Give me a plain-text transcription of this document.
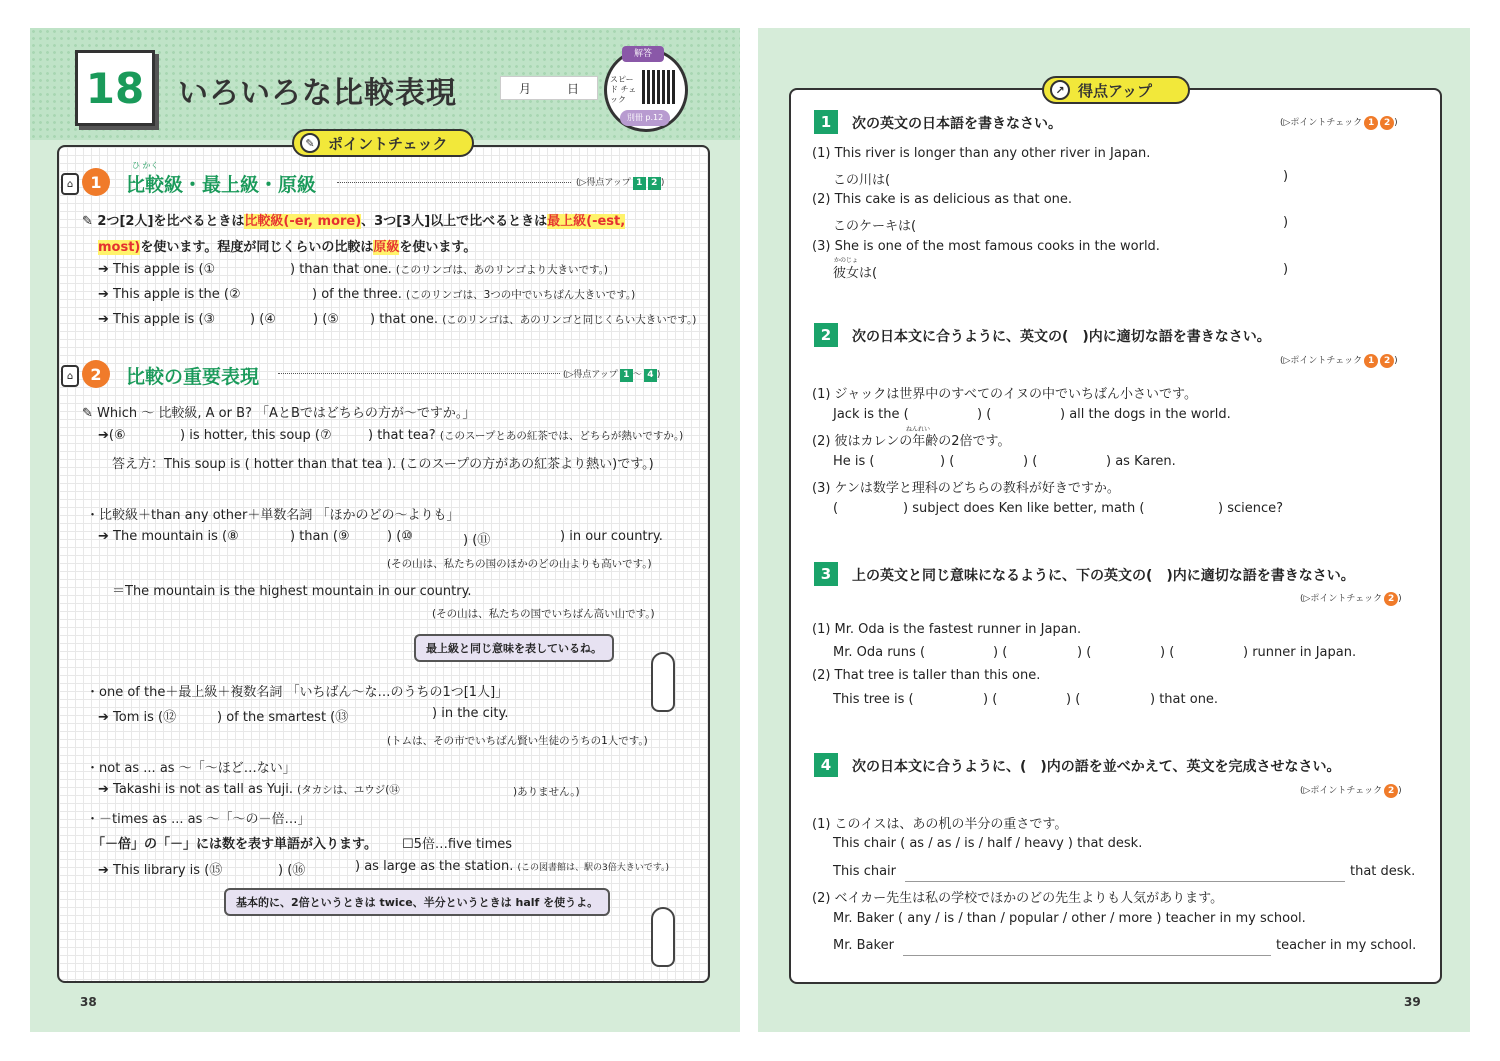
18	いろいろな比較表現	月	日
解答
スピード チェック
別冊 p.12
✎ ポイントチェック
⌂	1
ひ かく
比較級・最上級・原級	(▷得点アップ 1 2 )
✎ 2つ[2人]を比べるときは比較級(-er, more)、3つ[3人]以上で比べるときは最上級(-est,
most)を使います。程度が同じくらいの比較は原級を使います。
➔ This apple is (①	) than that one. (このリンゴは、あのリンゴより大きいです。)
➔ This apple is the (②	) of the three. (このリンゴは、3つの中でいちばん大きいです。)
➔ This apple is (③	) (④	) (⑤ ) that one. (このリンゴは、あのリンゴと同じくらい大きいです。)
⌂	2	比較の重要表現	(▷得点アップ 1 ～ 4 )
✎ Which ～ 比較級, A or B? 「AとBではどちらの方が～ですか。」
➔(⑥	) is hotter, this soup (⑦	) that tea? (このスープとあの紅茶では、どちらが熱いですか。)
答え方：This soup is ( hotter than that tea ). (このスープの方があの紅茶より熱い)です。)
・比較級＋than any other＋単数名詞 「ほかのどの～よりも」
➔ The mountain is (⑧	) than (⑨	) (⑩	) (⑪	) in our country.
(その山は、私たちの国のほかのどの山よりも高いです。)
＝The mountain is the highest mountain in our country.
(その山は、私たちの国でいちばん高い山です。)
最上級と同じ意味を表しているね。
・one of the＋最上級＋複数名詞 「いちばん～な…のうちの1つ[1人]」
➔ Tom is (⑫	) of the smartest (⑬	) in the city.
(トムは、その市でいちばん賢い生徒のうちの1人です。)
・not as ... as ～「～ほど…ない」
➔ Takashi is not as tall as Yuji. (タカシは、ユウジ(⑭	)ありません。)
・－times as ... as ～「～の－倍…」
「－倍」の「－」には数を表す単語が入ります。 ☐5倍…five times
➔ This library is (⑮	) (⑯	) as large as the station. (この図書館は、駅の3倍大きいです。)
基本的に、2倍というときは twice、半分というときは half を使うよ。
38
↗ 得点アップ
1	次の英文の日本語を書きなさい。	(▷ポイントチェック 1 2 )
(1) This river is longer than any other river in Japan.
この川は(	)
(2) This cake is as delicious as that one.
このケーキは(	)
(3) She is one of the most famous cooks in the world.
かのじょ
彼女は(	)
2	次の日本文に合うように、英文の(　)内に適切な語を書きなさい。
(▷ポイントチェック 1 2 )
(1) ジャックは世界中のすべてのイヌの中でいちばん小さいです。
Jack is the (	) (	) all the dogs in the world.
ねんれい
(2) 彼はカレンの年齢の2倍です。
He is (	) (	) (	) as Karen.
(3) ケンは数学と理科のどちらの教科が好きですか。
(	) subject does Ken like better, math (	) science?
3	上の英文と同じ意味になるように、下の英文の(　)内に適切な語を書きなさい。
(▷ポイントチェック 2 )
(1) Mr. Oda is the fastest runner in Japan.
Mr. Oda runs (	) (	) (	) (	) runner in Japan.
(2) That tree is taller than this one.
This tree is (	) (	) (	) that one.
4	次の日本文に合うように、(　)内の語を並べかえて、英文を完成させなさい。
(▷ポイントチェック 2 )
(1) このイスは、あの机の半分の重さです。
This chair ( as / as / is / half / heavy ) that desk.
This chair	that desk.
(2) ベイカー先生は私の学校でほかのどの先生よりも人気があります。
Mr. Baker ( any / is / than / popular / other / more ) teacher in my school.
Mr. Baker	teacher in my school.
39
